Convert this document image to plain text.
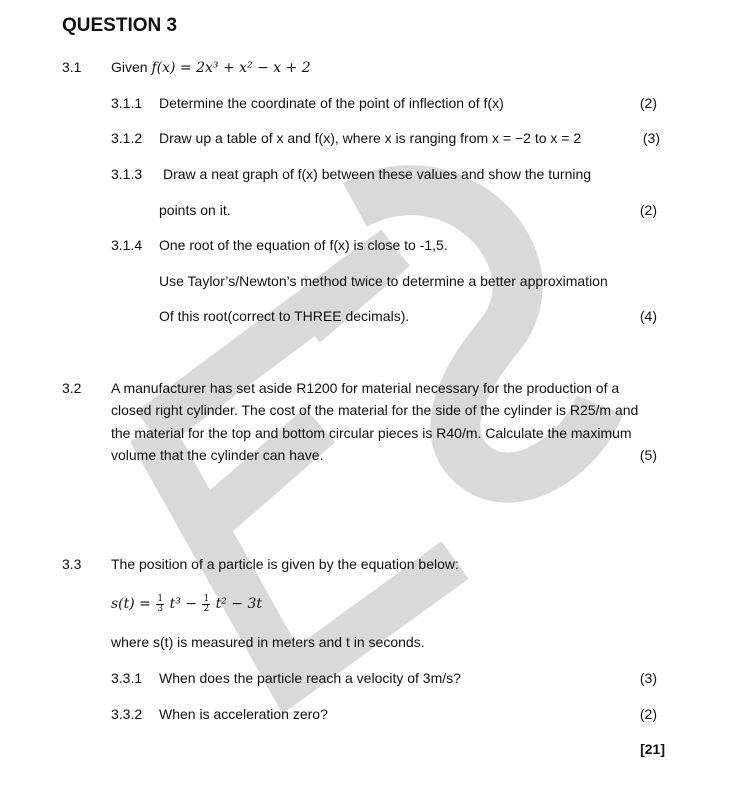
QUESTION 3
3.1 Given f(x) = 2x³ + x² − x + 2
3.1.1 Determine the coordinate of the point of inflection of f(x)	(2)
3.1.2 Draw up a table of x and f(x), where x is ranging from x = −2 to x = 2	(3)
3.1.3 Draw a neat graph of f(x) between these values and show the turning
points on it.	(2)
3.1.4 One root of the equation of f(x) is close to -1,5.
Use Taylor’s/Newton’s method twice to determine a better approximation
Of this root(correct to THREE decimals).	(4)
3.2 A manufacturer has set aside R1200 for material necessary for the production of a
closed right cylinder. The cost of the material for the side of the cylinder is R25/m and
the material for the top and bottom circular pieces is R40/m. Calculate the maximum
volume that the cylinder can have.	(5)
3.3 The position of a particle is given by the equation below:
$s(t) = \frac{1}{3} t^3 - \frac{1}{2} t^2 - 3t$
where s(t) is measured in meters and t in seconds.
3.3.1 When does the particle reach a velocity of 3m/s?	(3)
3.3.2 When is acceleration zero?	(2)
[21]
